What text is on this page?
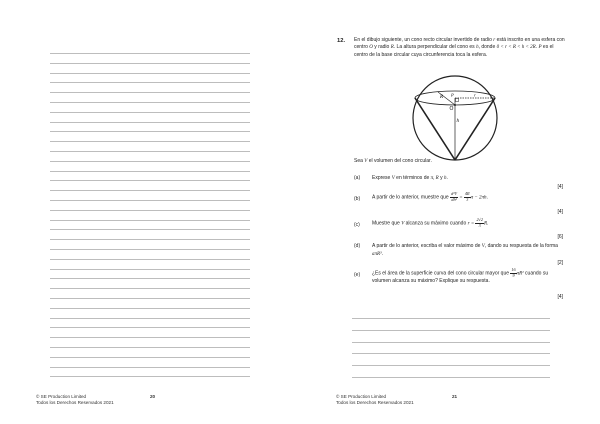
© SE Production Limited
Todos los Derechos Reservados 2021
20
12. En el dibujo siguiente, un cono recto circular invertido de radio r está inscrito en una esfera con centro O y radio R. La altura perpendicular del cono es h, donde 0 < r < R < h < 2R. P es el centro de la base circular cuya circunferencia toca la esfera.
R P	r
O
h
Sea V el volumen del cono circular.
(a) Exprese V en términos de π, R y h.
[4]
(b) A partir de lo anterior, muestre que $\frac{\text{d²V}}{\text{dh²}} = \frac{4R}{3}$ π − 2πh.
[4]
(c) Muestre que V alcanza su máximo cuando $r = \frac{2√2}{3} R$.
[6]
(d) A partir de lo anterior, escriba el valor máximo de V, dando su respuesta de la forma aπR³.
[2]
(e) ¿Es el área de la superficie curva del cono circular mayor que $\frac{16}{9} \pi R^2$ cuando su volumen alcanza su máximo? Explique su respuesta.
[4]
© SE Production Limited
Todos los Derechos Reservados 2021
21
